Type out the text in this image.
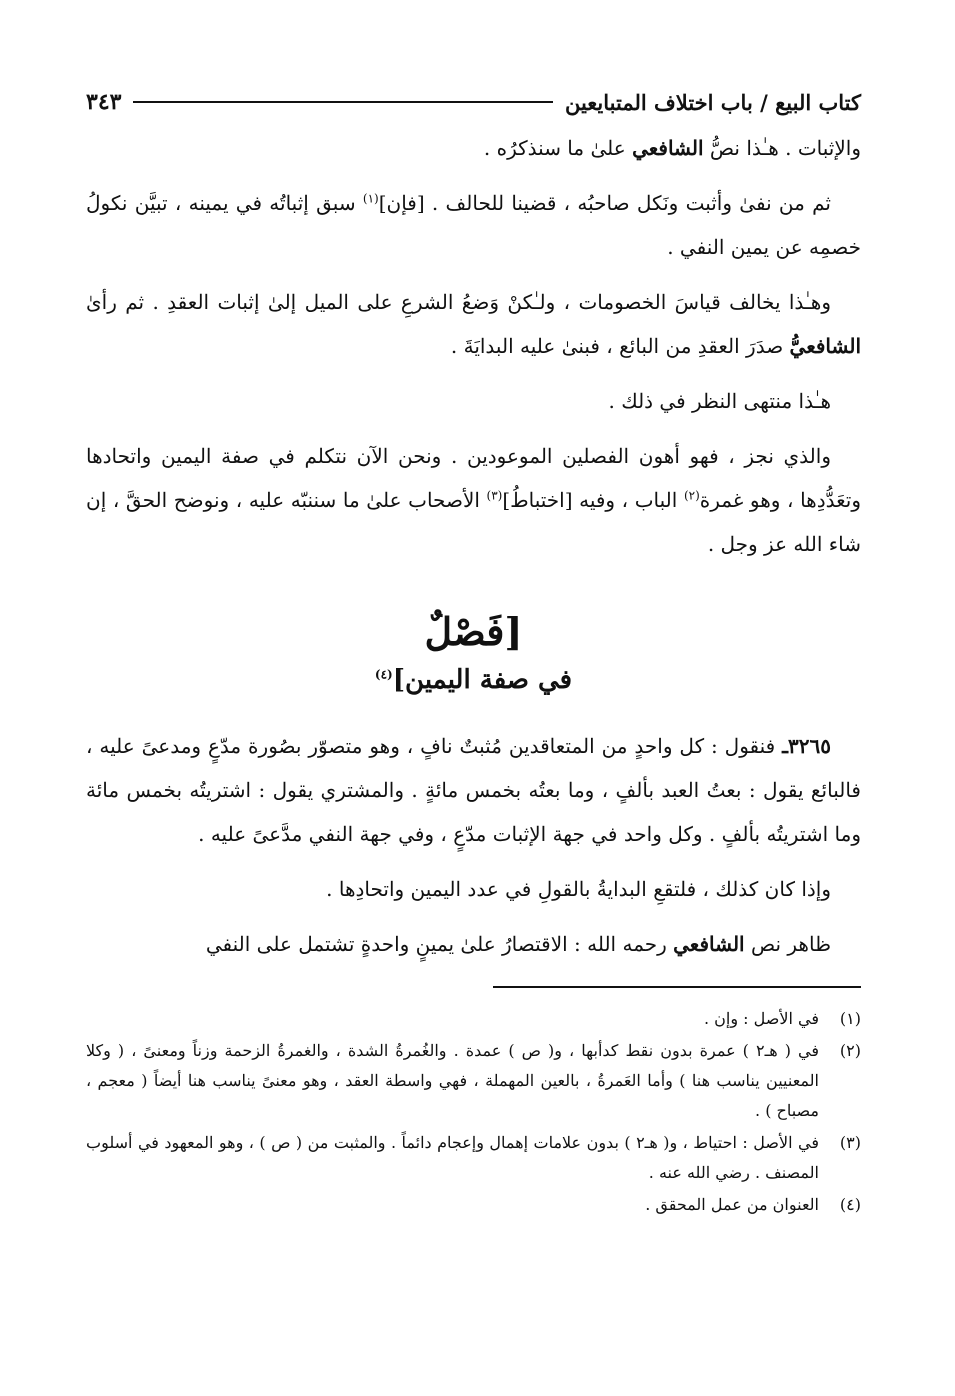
كتاب البيع / باب اختلاف المتبايعين
٣٤٣

والإثبات . هـٰذا نصُّ الشافعي علىٰ ما سنذكرُه .

ثم من نفىٰ وأثبت ونَكل صاحبُه ، قضينا للحالف . [فإن]$^{(١)}$ سبق إثباتُه في يمينه ، تبيَّن نكولُ خصمِه عن يمين النفي .

وهـٰذا يخالف قياسَ الخصومات ، ولـٰكنْ وَضعُ الشرعِ على الميل إلىٰ إثبات العقدِ . ثم رأىٰ الشافعيُّ صدَرَ العقدِ من البائع ، فبنىٰ عليه البدايَةَ .

هـٰذا منتهى النظر في ذلك .

والذي نجز ، فهو أهون الفصلين الموعودين . ونحن الآن نتكلم في صفة اليمين واتحادها وتعَدُّدِها ، وهو غمرة$^{(٢)}$ الباب ، وفيه [اختباطُ]$^{(٣)}$ الأصحاب علىٰ ما سننبّه عليه ، ونوضح الحقَّ ، إن شاء الله عز وجل .

[فَصْلٌ
في صفة اليمين]$^{(٤)}$

٣٢٦٥ـ فنقول : كل واحدٍ من المتعاقدين مُثبتٌ نافٍ ، وهو متصوّر بصُورة مدّعٍ ومدعىً عليه ، فالبائع يقول : بعتُ العبد بألفٍ ، وما بعتُه بخمس مائةٍ . والمشتري يقول : اشتريتُه بخمس مائة وما اشتريتُه بألفٍ . وكل واحد في جهة الإثبات مدّعٍ ، وفي جهة النفي مدَّعىً عليه .

وإذا كان كذلك ، فلتقعِ البدايةُ بالقولِ في عدد اليمين واتحادِها .

ظاهر نص الشافعي رحمه الله : الاقتصارُ علىٰ يمينٍ واحدةٍ تشتمل على النفي

(١)
في الأصل : وإن .
(٢)
في ( هـ٢ ) عمرة بدون نقط كدأبها ، و( ص ) عمدة . والغُمرةُ الشدة ، والغمرةُ الزحمة وزناً ومعنىً ، ( وكلا المعنيين يناسب هنا ) وأما العَمرةُ ، بالعين المهملة ، فهي واسطة العقد ، وهو معنىً يناسب هنا أيضاً ( معجم ، مصباح ) .
(٣)
في الأصل : احتياط ، و( هـ٢ ) بدون علامات إهمال وإعجام دائماً . والمثبت من ( ص ) ، وهو المعهود في أسلوب المصنف . رضي الله عنه .
(٤)
العنوان من عمل المحقق .
